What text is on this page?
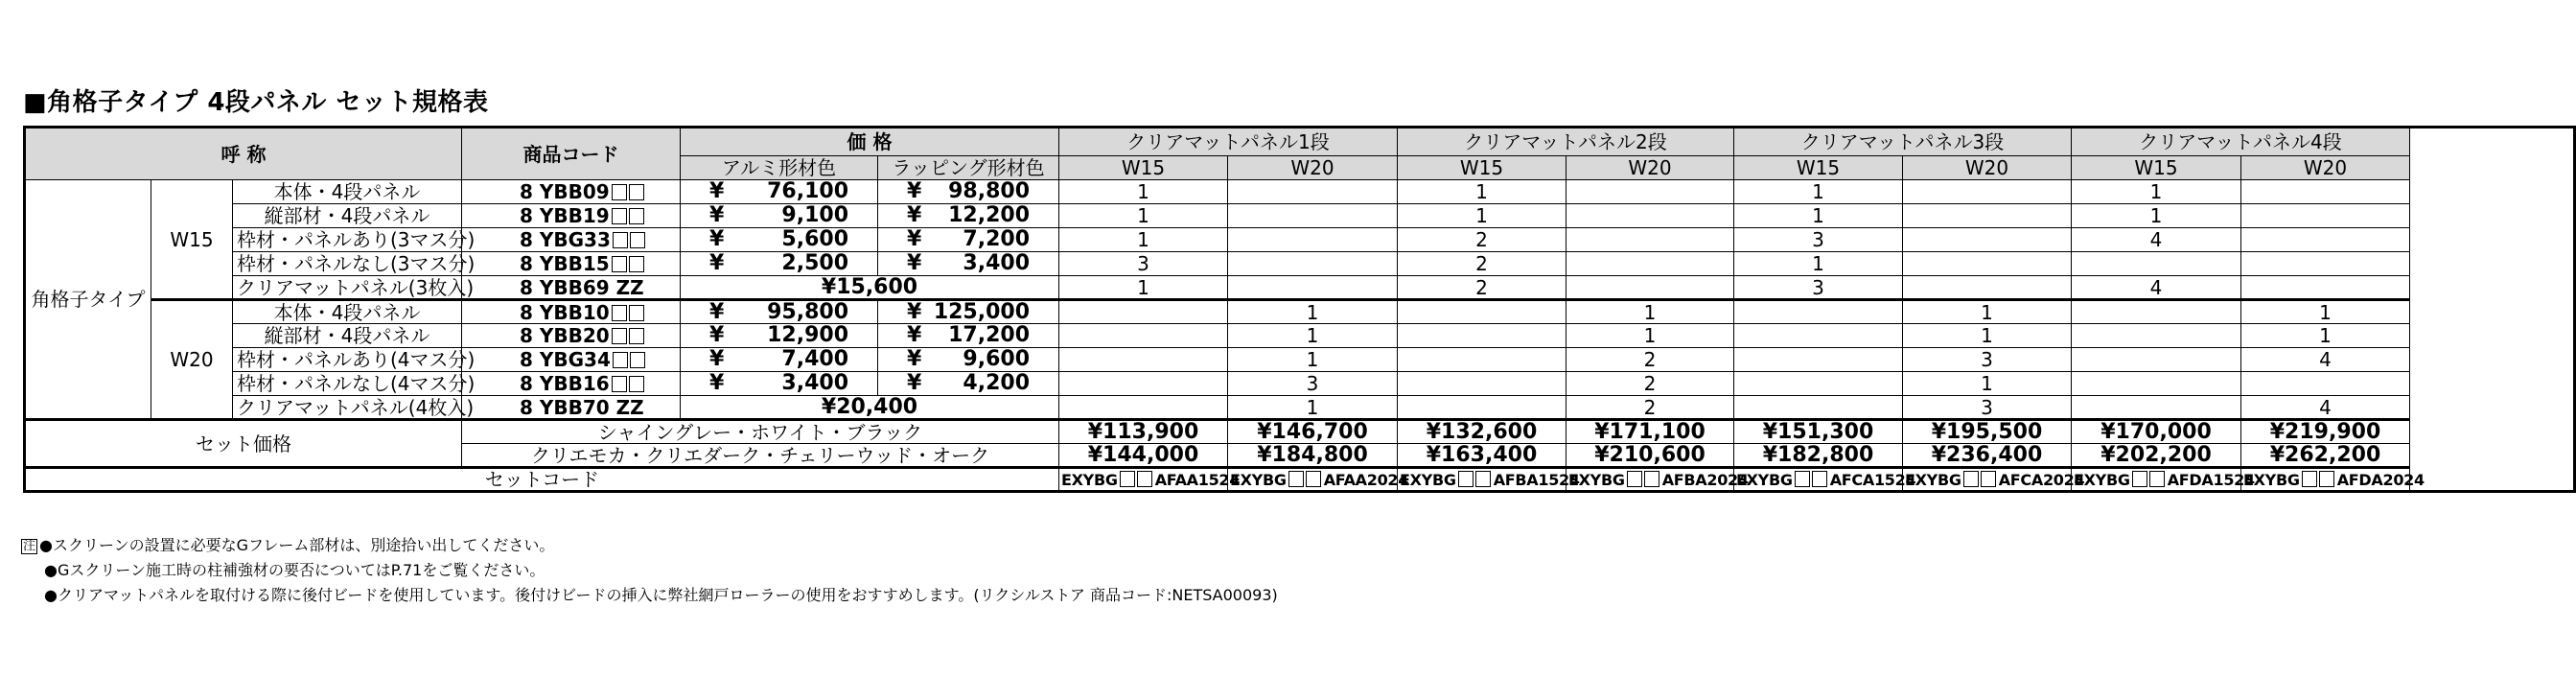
■角格子タイプ 4段パネル セット規格表
呼 称			商品コード	価 格		クリアマットパネル1段		クリアマットパネル2段		クリアマットパネル3段		クリアマットパネル4段	
				アルミ形材色	ラッピング形材色	W15	W20	W15	W20	W15	W20	W15	W20
角格子タイプ	W15	本体・4段パネル	8 YBB09	¥ 76,100	¥ 98,800	1		1		1		1	
		縦部材・4段パネル	8 YBB19	¥ 9,100	¥ 12,200	1		1		1		1	
		枠材・パネルあり(3マス分)	8 YBG33	¥ 5,600	¥ 7,200	1		2		3		4	
		枠材・パネルなし(3マス分)	8 YBB15	¥ 2,500	¥ 3,400	3		2		1			
		クリアマットパネル(3枚入)	8 YBB69 ZZ	¥15,600		1		2		3		4	
	W20	本体・4段パネル	8 YBB10	¥ 95,800	¥ 125,000		1		1		1		1
		縦部材・4段パネル	8 YBB20	¥ 12,900	¥ 17,200		1		1		1		1
		枠材・パネルあり(4マス分)	8 YBG34	¥ 7,400	¥ 9,600		1		2		3		4
		枠材・パネルなし(4マス分)	8 YBB16	¥ 3,400	¥ 4,200		3		2		1		
		クリアマットパネル(4枚入)	8 YBB70 ZZ	¥20,400			1		2		3		4
セット価格			シャイングレー・ホワイト・ブラック			¥113,900	¥146,700	¥132,600	¥171,100	¥151,300	¥195,500	¥170,000	¥219,900
			クリエモカ・クリエダーク・チェリーウッド・オーク			¥144,000	¥184,800	¥163,400	¥210,600	¥182,800	¥236,400	¥202,200	¥262,200
セットコード						EXYBG AFAA1524	EXYBG AFAA2024	EXYBG AFBA1524	EXYBG AFBA2024	EXYBG AFCA1524	EXYBG AFCA2024	EXYBG AFDA1524	EXYBG AFDA2024
注 ●スクリーンの設置に必要なGフレーム部材は、別途拾い出してください。
●Gスクリーン施工時の柱補強材の要否についてはP.71をご覧ください。
●クリアマットパネルを取付ける際に後付ビードを使用しています。後付けビードの挿入に弊社網戸ローラーの使用をおすすめします。(リクシルストア 商品コード:NETSA00093)
